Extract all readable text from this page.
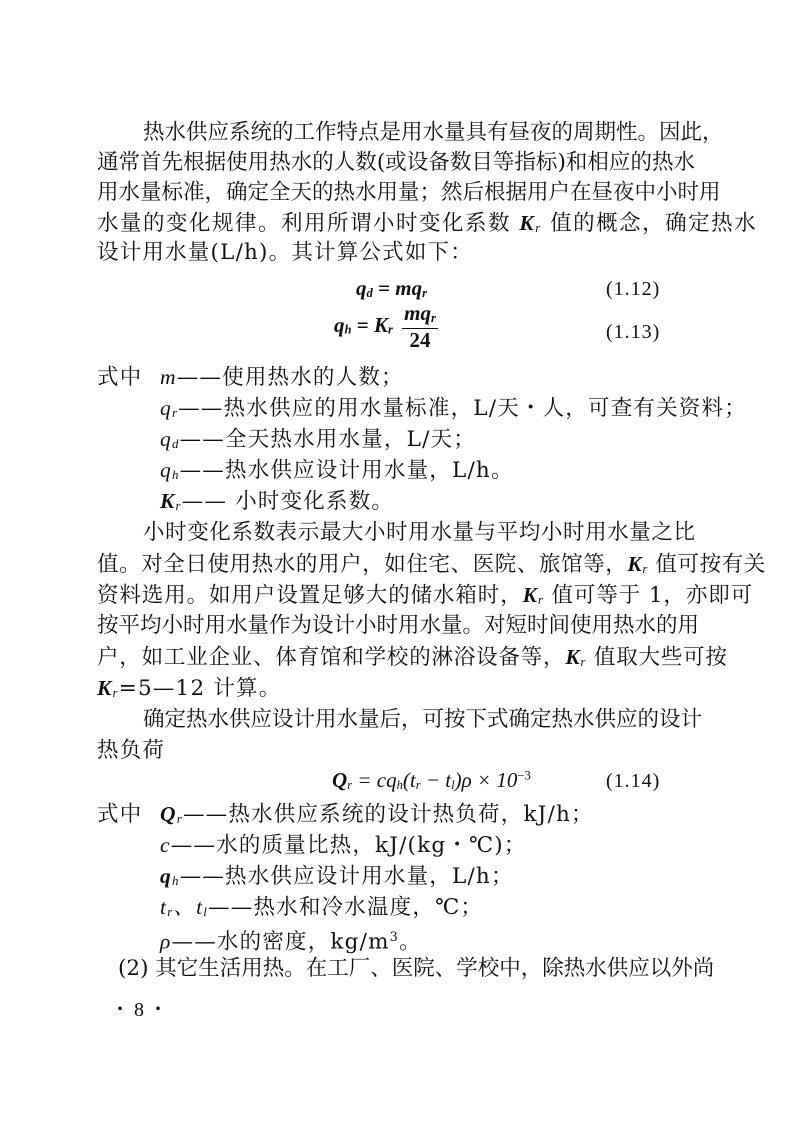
热水供应系统的工作特点是用水量具有昼夜的周期性。因此，
通常首先根据使用热水的人数(或设备数目等指标)和相应的热水
用水量标准，确定全天的热水用量；然后根据用户在昼夜中小时用
水量的变化规律。利用所谓小时变化系数 Kr 值的概念，确定热水
设计用水量(L/h)。其计算公式如下：
qd = mqr	(1.12)
qh = Kr $\frac{\text{mqr}}{24}$	(1.13)
式中 m——使用热水的人数；
qr——热水供应的用水量标准，L/天・人，可查有关资料；
qd——全天热水用水量，L/天；
qh——热水供应设计用水量，L/h。
Kr—— 小时变化系数。
小时变化系数表示最大小时用水量与平均小时用水量之比
值。对全日使用热水的用户，如住宅、医院、旅馆等，Kr 值可按有关
资料选用。如用户设置足够大的储水箱时，Kr 值可等于 1，亦即可
按平均小时用水量作为设计小时用水量。对短时间使用热水的用
户，如工业企业、体育馆和学校的淋浴设备等，Kr 值取大些可按
Kr=5—12 计算。
确定热水供应设计用水量后，可按下式确定热水供应的设计
热负荷
$Qr = cqh(tr - tl)\rho \times 10^{-3}$	(1.14)
式中 Qr——热水供应系统的设计热负荷，kJ/h；
c——水的质量比热，kJ/(kg・℃)；
qh——热水供应设计用水量，L/h；
tr、tl——热水和冷水温度，℃；
ρ——水的密度，$kg/m^3$。
(2) 其它生活用热。在工厂、医院、学校中，除热水供应以外尚
・8・
